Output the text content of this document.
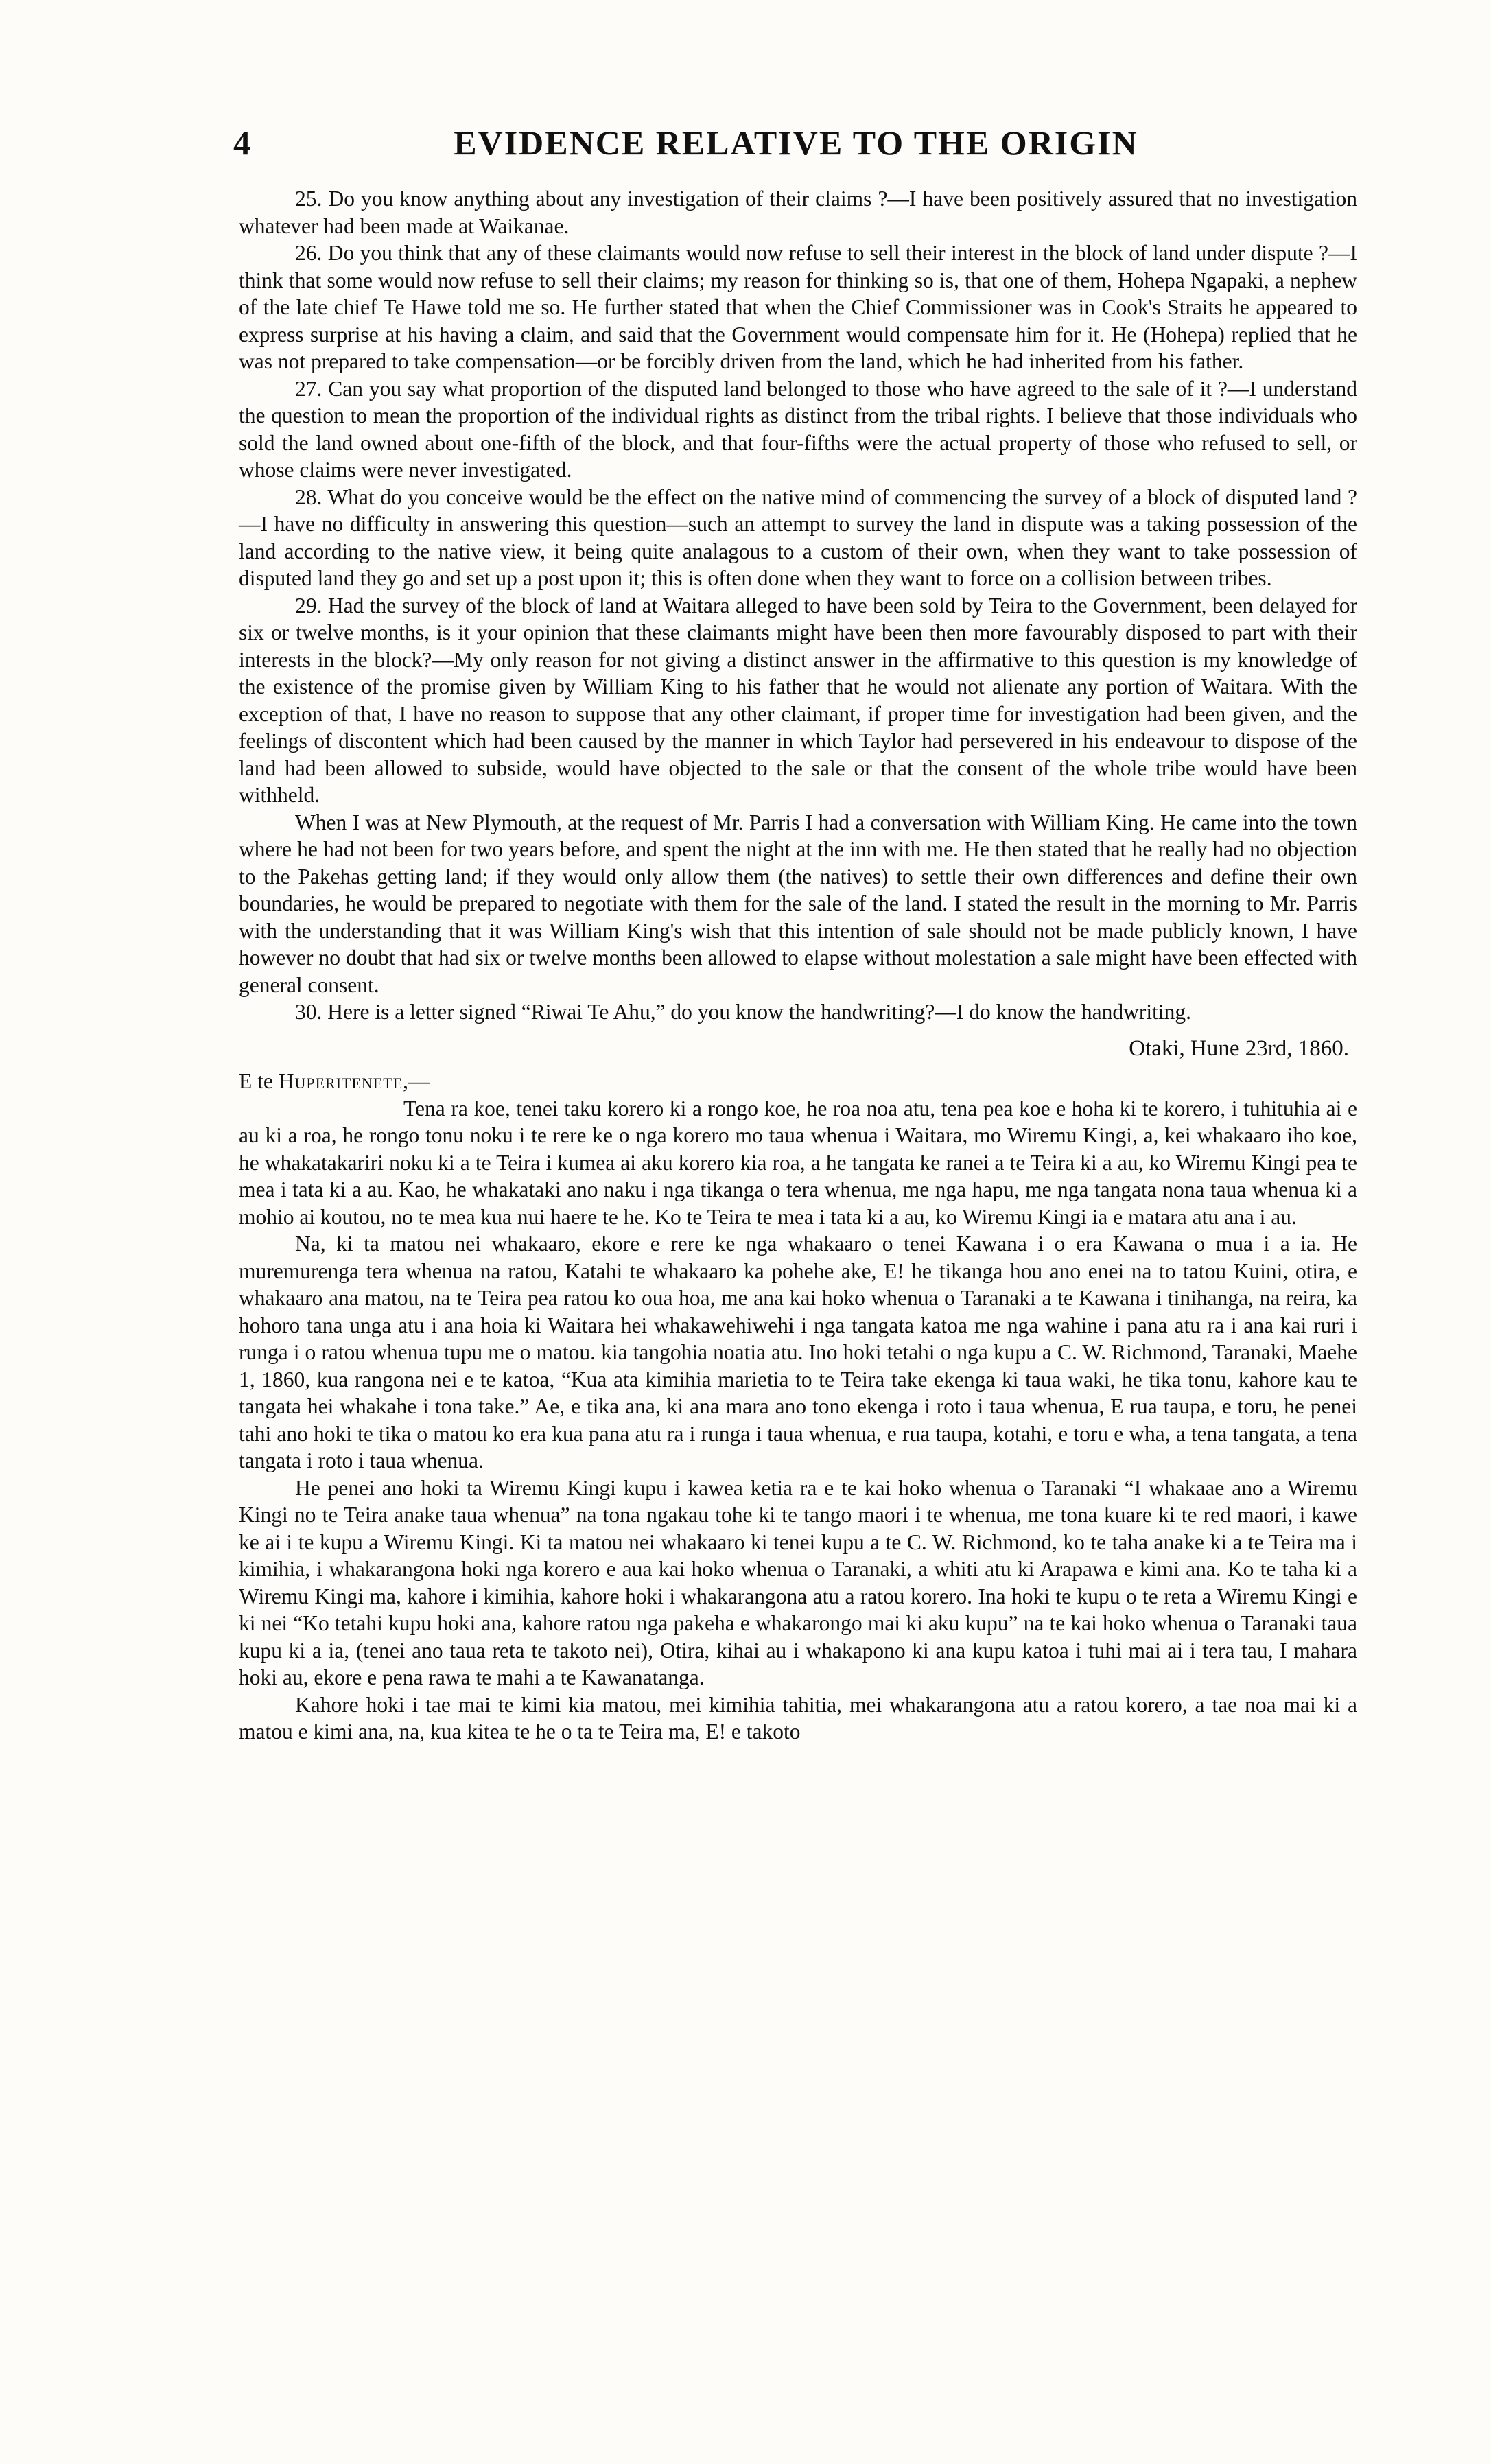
4	EVIDENCE RELATIVE TO THE ORIGIN

25. Do you know anything about any investigation of their claims ?—I have been positively assured that no investigation whatever had been made at Waikanae.

26. Do you think that any of these claimants would now refuse to sell their interest in the block of land under dispute ?—I think that some would now refuse to sell their claims; my reason for thinking so is, that one of them, Hohepa Ngapaki, a nephew of the late chief Te Hawe told me so. He further stated that when the Chief Commissioner was in Cook's Straits he appeared to express surprise at his having a claim, and said that the Government would compensate him for it. He (Hohepa) replied that he was not prepared to take compensation—or be forcibly driven from the land, which he had inherited from his father.

27. Can you say what proportion of the disputed land belonged to those who have agreed to the sale of it ?—I understand the question to mean the proportion of the individual rights as distinct from the tribal rights. I believe that those individuals who sold the land owned about one-fifth of the block, and that four-fifths were the actual property of those who refused to sell, or whose claims were never investigated.

28. What do you conceive would be the effect on the native mind of commencing the survey of a block of disputed land ?—I have no difficulty in answering this question—such an attempt to survey the land in dispute was a taking possession of the land according to the native view, it being quite analagous to a custom of their own, when they want to take possession of disputed land they go and set up a post upon it; this is often done when they want to force on a collision between tribes.

29. Had the survey of the block of land at Waitara alleged to have been sold by Teira to the Government, been delayed for six or twelve months, is it your opinion that these claimants might have been then more favourably disposed to part with their interests in the block?—My only reason for not giving a distinct answer in the affirmative to this question is my knowledge of the existence of the promise given by William King to his father that he would not alienate any portion of Waitara. With the exception of that, I have no reason to suppose that any other claimant, if proper time for investigation had been given, and the feelings of discontent which had been caused by the manner in which Taylor had persevered in his endeavour to dispose of the land had been allowed to subside, would have objected to the sale or that the consent of the whole tribe would have been withheld.

When I was at New Plymouth, at the request of Mr. Parris I had a conversation with William King. He came into the town where he had not been for two years before, and spent the night at the inn with me. He then stated that he really had no objection to the Pakehas getting land; if they would only allow them (the natives) to settle their own differences and define their own boundaries, he would be prepared to negotiate with them for the sale of the land. I stated the result in the morning to Mr. Parris with the understanding that it was William King's wish that this intention of sale should not be made publicly known, I have however no doubt that had six or twelve months been allowed to elapse without molestation a sale might have been effected with general consent.

30. Here is a letter signed “Riwai Te Ahu,” do you know the handwriting?—I do know the handwriting.

Otaki, Hune 23rd, 1860.
E te Huperitenete,—

Tena ra koe, tenei taku korero ki a rongo koe, he roa noa atu, tena pea koe e hoha ki te korero, i tuhituhia ai e au ki a roa, he rongo tonu noku i te rere ke o nga korero mo taua whenua i Waitara, mo Wiremu Kingi, a, kei whakaaro iho koe, he whakatakariri noku ki a te Teira i kumea ai aku korero kia roa, a he tangata ke ranei a te Teira ki a au, ko Wiremu Kingi pea te mea i tata ki a au. Kao, he whakataki ano naku i nga tikanga o tera whenua, me nga hapu, me nga tangata nona taua whenua ki a mohio ai koutou, no te mea kua nui haere te he. Ko te Teira te mea i tata ki a au, ko Wiremu Kingi ia e matara atu ana i au.

Na, ki ta matou nei whakaaro, ekore e rere ke nga whakaaro o tenei Kawana i o era Kawana o mua i a ia. He muremurenga tera whenua na ratou, Katahi te whakaaro ka pohehe ake, E! he tikanga hou ano enei na to tatou Kuini, otira, e whakaaro ana matou, na te Teira pea ratou ko oua hoa, me ana kai hoko whenua o Taranaki a te Kawana i tinihanga, na reira, ka hohoro tana unga atu i ana hoia ki Waitara hei whakawehiwehi i nga tangata katoa me nga wahine i pana atu ra i ana kai ruri i runga i o ratou whenua tupu me o matou. kia tangohia noatia atu. Ino hoki tetahi o nga kupu a C. W. Richmond, Taranaki, Maehe 1, 1860, kua rangona nei e te katoa, “Kua ata kimihia marietia to te Teira take ekenga ki taua waki, he tika tonu, kahore kau te tangata hei whakahe i tona take.” Ae, e tika ana, ki ana mara ano tono ekenga i roto i taua whenua, E rua taupa, e toru, he penei tahi ano hoki te tika o matou ko era kua pana atu ra i runga i taua whenua, e rua taupa, kotahi, e toru e wha, a tena tangata, a tena tangata i roto i taua whenua.

He penei ano hoki ta Wiremu Kingi kupu i kawea ketia ra e te kai hoko whenua o Taranaki “I whakaae ano a Wiremu Kingi no te Teira anake taua whenua” na tona ngakau tohe ki te tango maori i te whenua, me tona kuare ki te red maori, i kawe ke ai i te kupu a Wiremu Kingi. Ki ta matou nei whakaaro ki tenei kupu a te C. W. Richmond, ko te taha anake ki a te Teira ma i kimihia, i whakarangona hoki nga korero e aua kai hoko whenua o Taranaki, a whiti atu ki Arapawa e kimi ana. Ko te taha ki a Wiremu Kingi ma, kahore i kimihia, kahore hoki i whakarangona atu a ratou korero. Ina hoki te kupu o te reta a Wiremu Kingi e ki nei “Ko tetahi kupu hoki ana, kahore ratou nga pakeha e whakarongo mai ki aku kupu” na te kai hoko whenua o Taranaki taua kupu ki a ia, (tenei ano taua reta te takoto nei), Otira, kihai au i whakapono ki ana kupu katoa i tuhi mai ai i tera tau, I mahara hoki au, ekore e pena rawa te mahi a te Kawanatanga.

Kahore hoki i tae mai te kimi kia matou, mei kimihia tahitia, mei whakarangona atu a ratou korero, a tae noa mai ki a matou e kimi ana, na, kua kitea te he o ta te Teira ma, E! e takoto
